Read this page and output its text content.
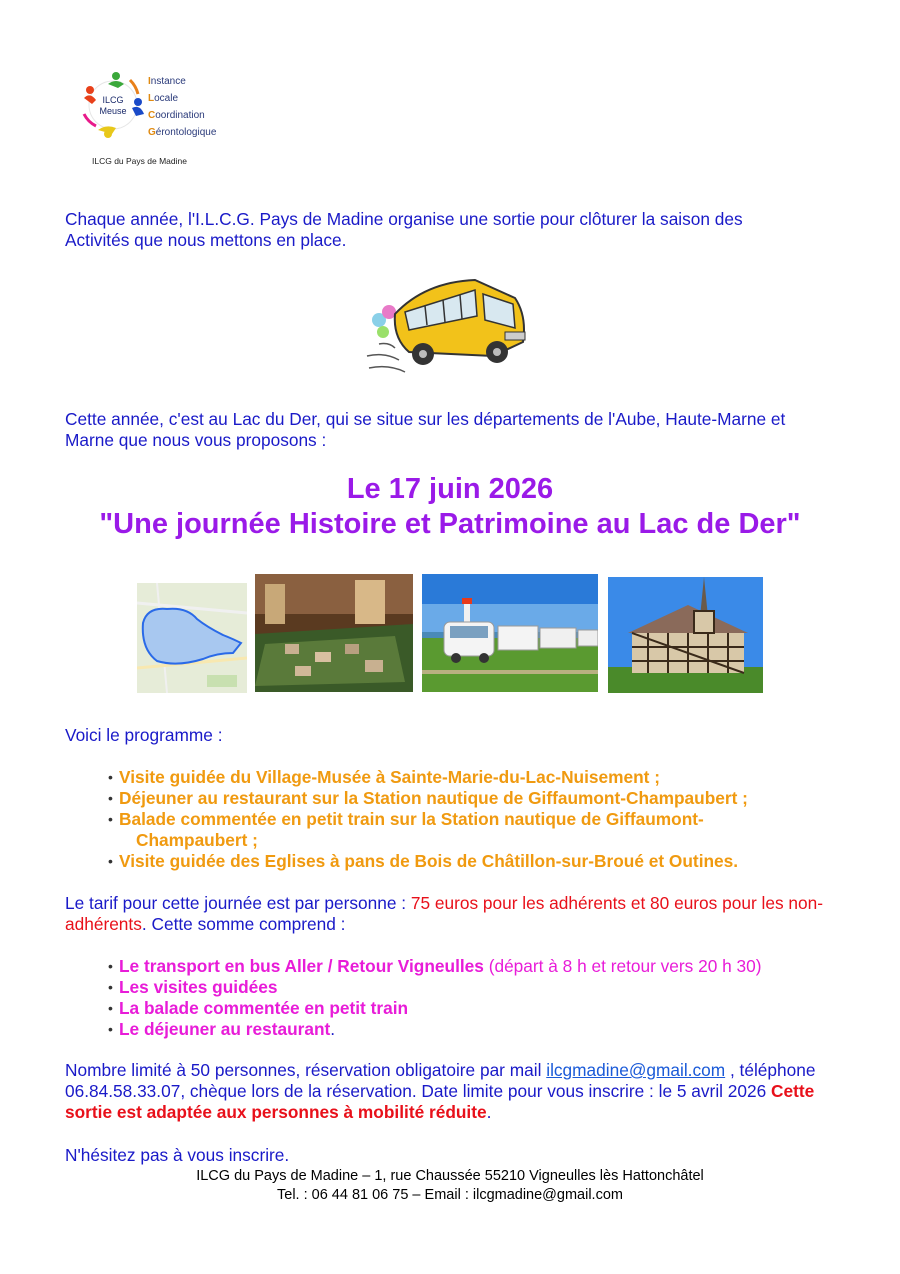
ILCG
Meuse
Instance
Locale
Coordination
Gérontologique
ILCG du Pays de Madine
Chaque année, l'I.L.C.G. Pays de Madine organise une sortie pour clôturer la saison des Activités que nous mettons en place.
Cette année, c'est au Lac du Der, qui se situe sur les départements de l'Aube, Haute-Marne et Marne que nous vous proposons :
Le 17 juin 2026
"Une journée Histoire et Patrimoine au Lac de Der"
Voici le programme :
• Visite guidée du Village-Musée à Sainte-Marie-du-Lac-Nuisement ;
• Déjeuner au restaurant sur la Station nautique de Giffaumont-Champaubert ;
• Balade commentée en petit train sur la Station nautique de Giffaumont-
Champaubert ;
• Visite guidée des Eglises à pans de Bois de Châtillon-sur-Broué et Outines.
Le tarif pour cette journée est par personne : 75 euros pour les adhérents et 80 euros pour les non-adhérents. Cette somme comprend :
• Le transport en bus Aller / Retour Vigneulles (départ à 8 h et retour vers 20 h 30)
• Les visites guidées
• La balade commentée en petit train
• Le déjeuner au restaurant.
Nombre limité à 50 personnes, réservation obligatoire par mail ilcgmadine@gmail.com , téléphone 06.84.58.33.07, chèque lors de la réservation. Date limite pour vous inscrire : le 5 avril 2026 Cette sortie est adaptée aux personnes à mobilité réduite.
N'hésitez pas à vous inscrire.
ILCG du Pays de Madine – 1, rue Chaussée 55210 Vigneulles lès Hattonchâtel
Tel. : 06 44 81 06 75 – Email : ilcgmadine@gmail.com
